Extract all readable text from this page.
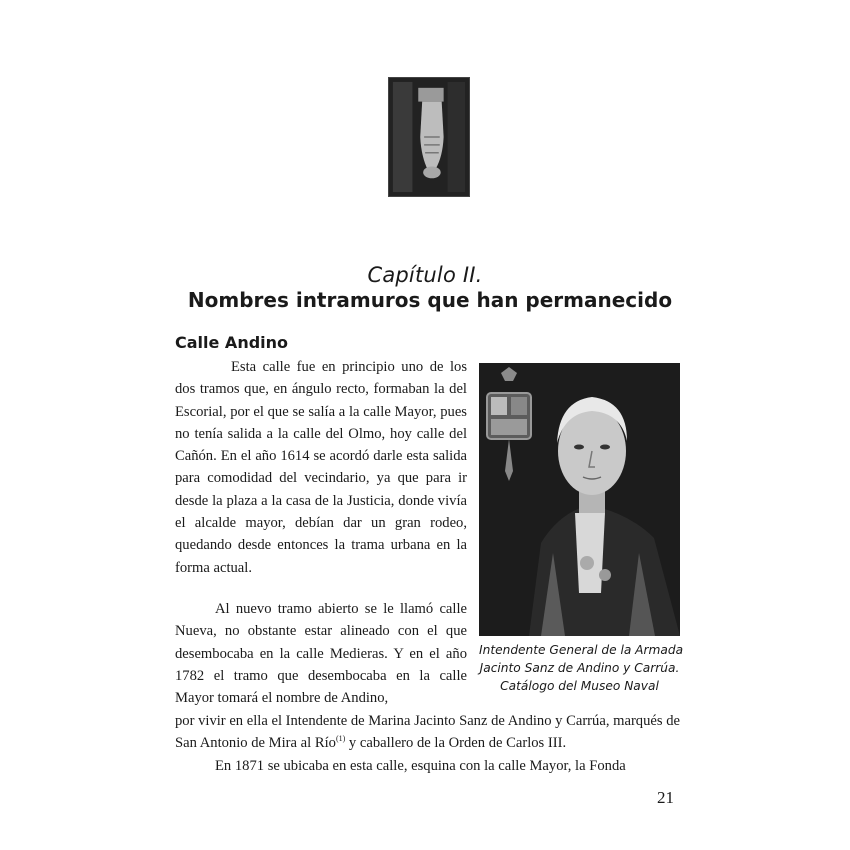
Capítulo II.
Nombres intramuros que han permanecido
Calle Andino
Esta calle fue en principio uno de los dos tramos que, en ángulo recto, formaban la del Escorial, por el que se salía a la calle Mayor, pues no tenía salida a la calle del Olmo, hoy calle del Cañón. En el año 1614 se acordó darle esta salida para comodidad del vecindario, ya que para ir desde la plaza a la casa de la Justicia, donde vivía el alcalde mayor, debían dar un gran rodeo, quedando desde entonces la trama urbana en la forma actual.
Al nuevo tramo abierto se le llamó calle Nueva, no obstante estar alineado con el que desembocaba en la calle Medieras. Y en el año 1782 el tramo que desembocaba en la calle Mayor tomará el nombre de Andino,
por vivir en ella el Intendente de Marina Jacinto Sanz de Andino y Carrúa, marqués de San Antonio de Mira al Río$^{(1)}$ y caballero de la Orden de Carlos III.
En 1871 se ubicaba en esta calle, esquina con la calle Mayor, la Fonda
Intendente General de la Armada
Jacinto Sanz de Andino y Carrúa.
Catálogo del Museo Naval
21
